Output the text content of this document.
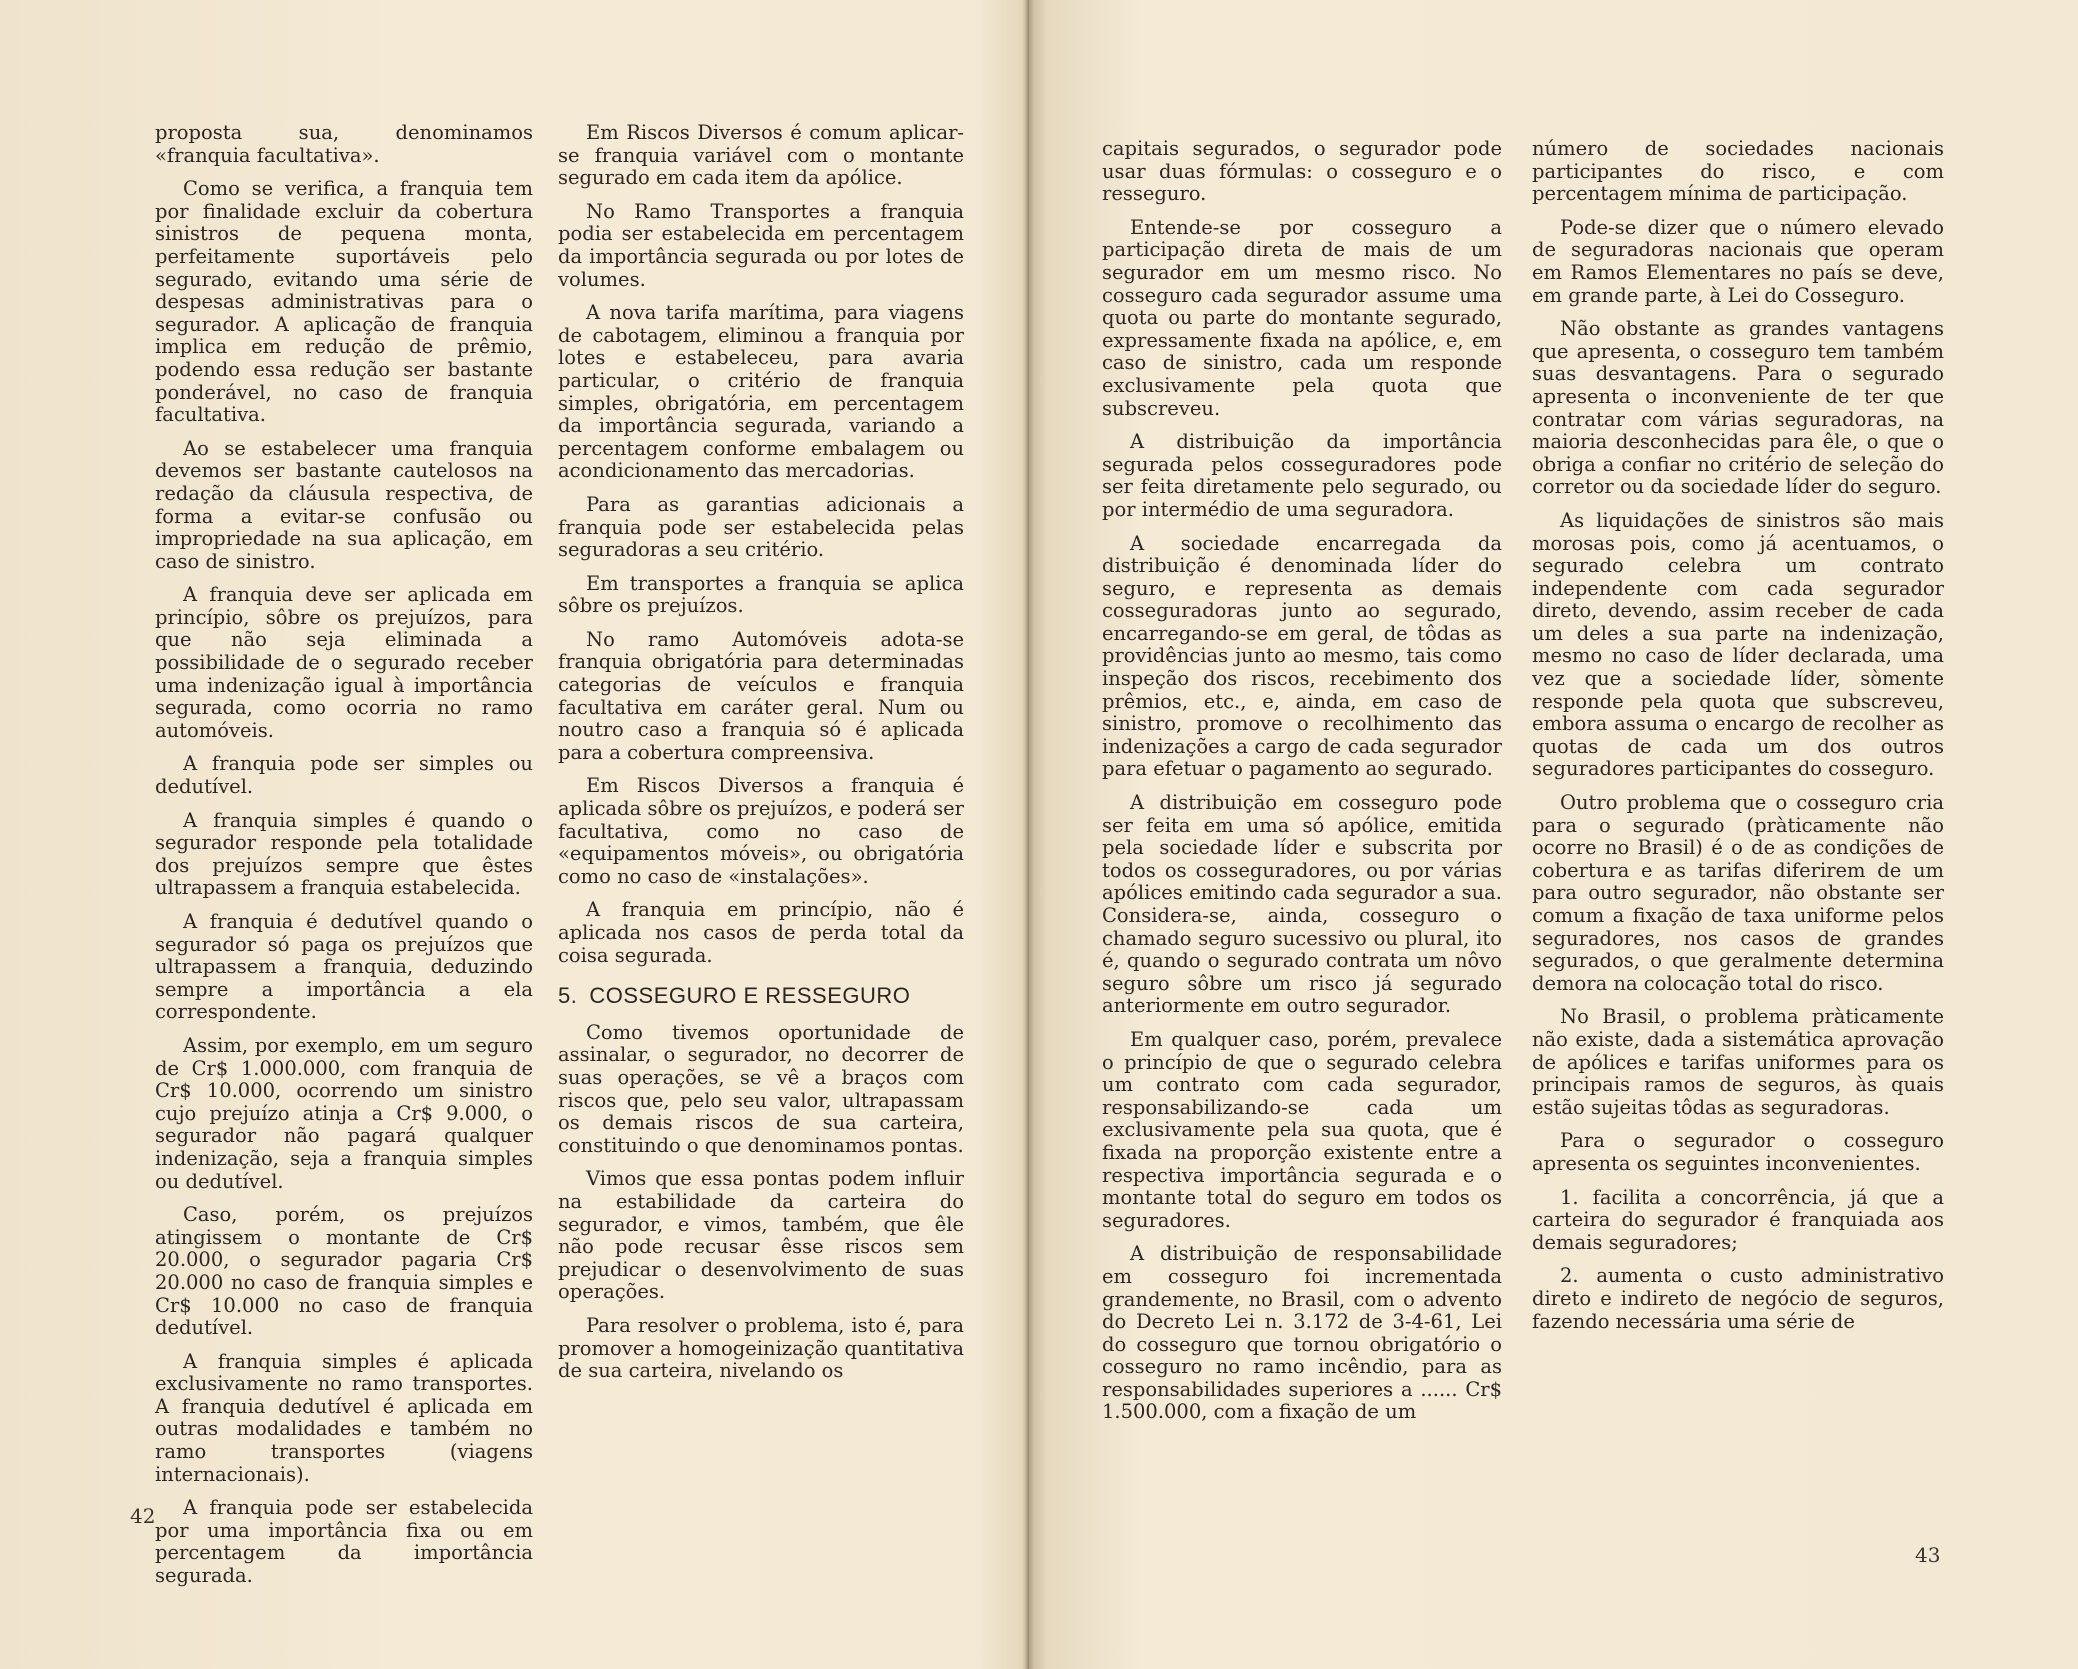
proposta sua, denominamos «franquia facultativa».

Como se verifica, a franquia tem por finalidade excluir da cobertura sinistros de pequena monta, perfeitamente suportáveis pelo segurado, evitando uma série de despesas administrativas para o segurador. A aplicação de franquia implica em redução de prêmio, podendo essa redução ser bastante ponderável, no caso de franquia facultativa.

Ao se estabelecer uma franquia devemos ser bastante cautelosos na redação da cláusula respectiva, de forma a evitar-se confusão ou impropriedade na sua aplicação, em caso de sinistro.

A franquia deve ser aplicada em princípio, sôbre os prejuízos, para que não seja eliminada a possibilidade de o segurado receber uma indenização igual à importância segurada, como ocorria no ramo automóveis.

A franquia pode ser simples ou dedutível.

A franquia simples é quando o segurador responde pela totalidade dos prejuízos sempre que êstes ultrapassem a franquia estabelecida.

A franquia é dedutível quando o segurador só paga os prejuízos que ultrapassem a franquia, deduzindo sempre a importância a ela correspondente.

Assim, por exemplo, em um seguro de Cr$ 1.000.000, com franquia de Cr$ 10.000, ocorrendo um sinistro cujo prejuízo atinja a Cr$ 9.000, o segurador não pagará qualquer indenização, seja a franquia simples ou dedutível.

Caso, porém, os prejuízos atingissem o montante de Cr$ 20.000, o segurador pagaria Cr$ 20.000 no caso de franquia simples e Cr$ 10.000 no caso de franquia dedutível.

A franquia simples é aplicada exclusivamente no ramo transportes. A franquia dedutível é aplicada em outras modalidades e também no ramo transportes (viagens internacionais).

A franquia pode ser estabelecida por uma importância fixa ou em percentagem da importância segurada.

Em Riscos Diversos é comum aplicar-se franquia variável com o montante segurado em cada item da apólice.

No Ramo Transportes a franquia podia ser estabelecida em percentagem da importância segurada ou por lotes de volumes.

A nova tarifa marítima, para viagens de cabotagem, eliminou a franquia por lotes e estabeleceu, para avaria particular, o critério de franquia simples, obrigatória, em percentagem da importância segurada, variando a percentagem conforme embalagem ou acondicionamento das mercadorias.

Para as garantias adicionais a franquia pode ser estabelecida pelas seguradoras a seu critério.

Em transportes a franquia se aplica sôbre os prejuízos.

No ramo Automóveis adota-se franquia obrigatória para determinadas categorias de veículos e franquia facultativa em caráter geral. Num ou noutro caso a franquia só é aplicada para a cobertura compreensiva.

Em Riscos Diversos a franquia é aplicada sôbre os prejuízos, e poderá ser facultativa, como no caso de «equipamentos móveis», ou obrigatória como no caso de «instalações».

A franquia em princípio, não é aplicada nos casos de perda total da coisa segurada.

5. COSSEGURO E RESSEGURO

Como tivemos oportunidade de assinalar, o segurador, no decorrer de suas operações, se vê a braços com riscos que, pelo seu valor, ultrapassam os demais riscos de sua carteira, constituindo o que denominamos pontas.

Vimos que essa pontas podem influir na estabilidade da carteira do segurador, e vimos, também, que êle não pode recusar êsse riscos sem prejudicar o desenvolvimento de suas operações.

Para resolver o problema, isto é, para promover a homogeinização quantitativa de sua carteira, nivelando os

42

capitais segurados, o segurador pode usar duas fórmulas: o cosseguro e o resseguro.

Entende-se por cosseguro a participação direta de mais de um segurador em um mesmo risco. No cosseguro cada segurador assume uma quota ou parte do montante segurado, expressamente fixada na apólice, e, em caso de sinistro, cada um responde exclusivamente pela quota que subscreveu.

A distribuição da importância segurada pelos cosseguradores pode ser feita diretamente pelo segurado, ou por intermédio de uma seguradora.

A sociedade encarregada da distribuição é denominada líder do seguro, e representa as demais cosseguradoras junto ao segurado, encarregando-se em geral, de tôdas as providências junto ao mesmo, tais como inspeção dos riscos, recebimento dos prêmios, etc., e, ainda, em caso de sinistro, promove o recolhimento das indenizações a cargo de cada segurador para efetuar o pagamento ao segurado.

A distribuição em cosseguro pode ser feita em uma só apólice, emitida pela sociedade líder e subscrita por todos os cosseguradores, ou por várias apólices emitindo cada segurador a sua. Considera-se, ainda, cosseguro o chamado seguro sucessivo ou plural, ito é, quando o segurado contrata um nôvo seguro sôbre um risco já segurado anteriormente em outro segurador.

Em qualquer caso, porém, prevalece o princípio de que o segurado celebra um contrato com cada segurador, responsabilizando-se cada um exclusivamente pela sua quota, que é fixada na proporção existente entre a respectiva importância segurada e o montante total do seguro em todos os seguradores.

A distribuição de responsabilidade em cosseguro foi incrementada grandemente, no Brasil, com o advento do Decreto Lei n. 3.172 de 3-4-61, Lei do cosseguro que tornou obrigatório o cosseguro no ramo incêndio, para as responsabilidades superiores a ...... Cr$ 1.500.000, com a fixação de um

número de sociedades nacionais participantes do risco, e com percentagem mínima de participação.

Pode-se dizer que o número elevado de seguradoras nacionais que operam em Ramos Elementares no país se deve, em grande parte, à Lei do Cosseguro.

Não obstante as grandes vantagens que apresenta, o cosseguro tem também suas desvantagens. Para o segurado apresenta o inconveniente de ter que contratar com várias seguradoras, na maioria desconhecidas para êle, o que o obriga a confiar no critério de seleção do corretor ou da sociedade líder do seguro.

As liquidações de sinistros são mais morosas pois, como já acentuamos, o segurado celebra um contrato independente com cada segurador direto, devendo, assim receber de cada um deles a sua parte na indenização, mesmo no caso de líder declarada, uma vez que a sociedade líder, sòmente responde pela quota que subscreveu, embora assuma o encargo de recolher as quotas de cada um dos outros seguradores participantes do cosseguro.

Outro problema que o cosseguro cria para o segurado (pràticamente não ocorre no Brasil) é o de as condições de cobertura e as tarifas diferirem de um para outro segurador, não obstante ser comum a fixação de taxa uniforme pelos seguradores, nos casos de grandes segurados, o que geralmente determina demora na colocação total do risco.

No Brasil, o problema pràticamente não existe, dada a sistemática aprovação de apólices e tarifas uniformes para os principais ramos de seguros, às quais estão sujeitas tôdas as seguradoras.

Para o segurador o cosseguro apresenta os seguintes inconvenientes.

1. facilita a concorrência, já que a carteira do segurador é franquiada aos demais seguradores;

2. aumenta o custo administrativo direto e indireto de negócio de seguros, fazendo necessária uma série de

43
